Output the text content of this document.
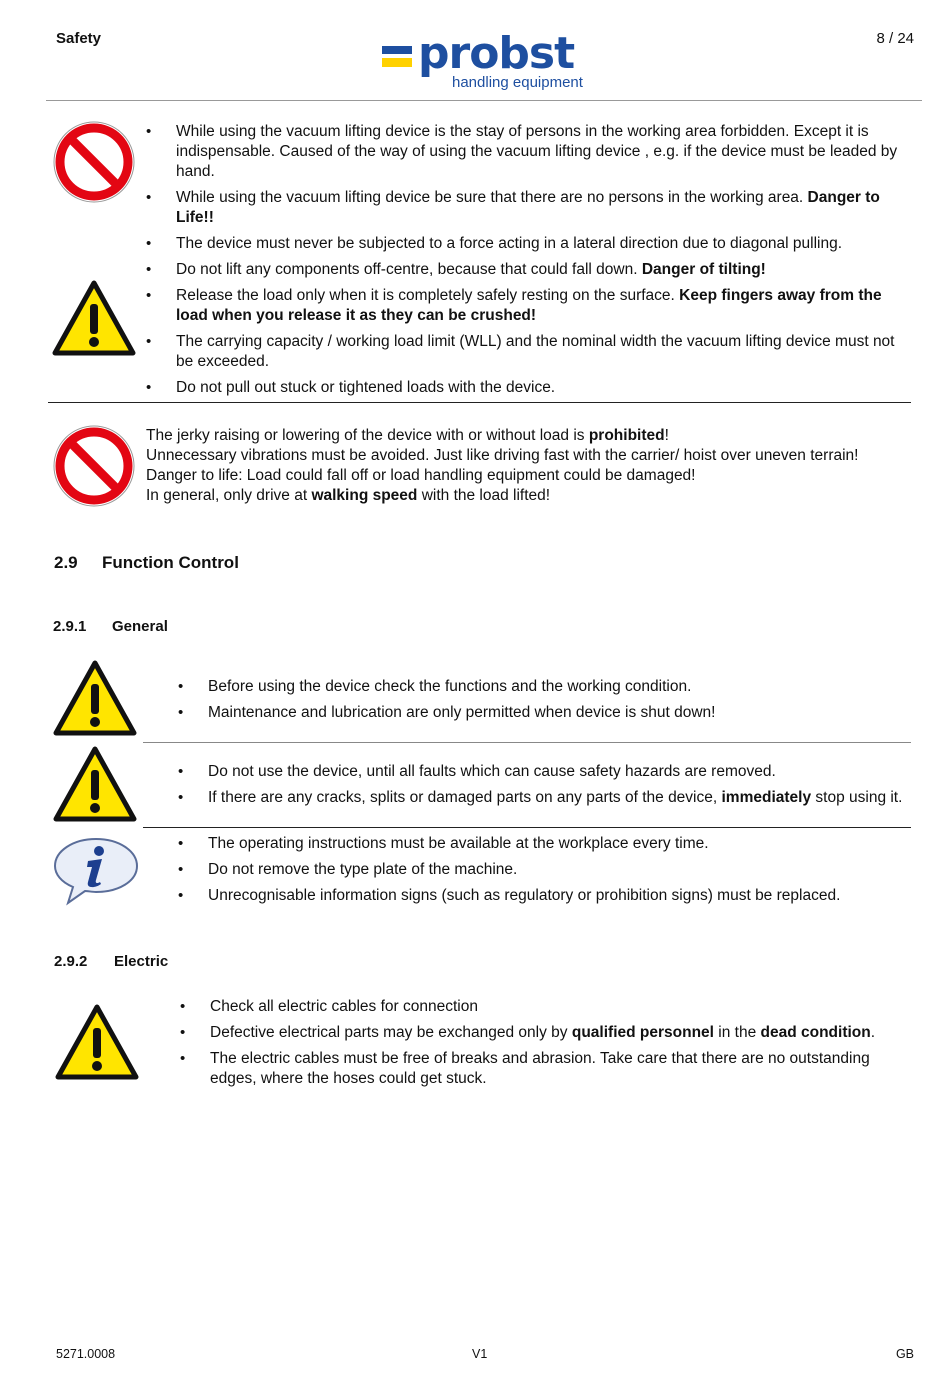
Safety	probst
handling equipment
8 / 24
• While using the vacuum lifting device is the stay of persons in the working area forbidden. Except it is indispensable. Caused of the way of using the vacuum lifting device , e.g. if the device must be leaded by hand.
• While using the vacuum lifting device be sure that there are no persons in the working area. Danger to Life!!
• The device must never be subjected to a force acting in a lateral direction due to diagonal pulling.
• Do not lift any components off-centre, because that could fall down. Danger of tilting!
• Release the load only when it is completely safely resting on the surface. Keep fingers away from the load when you release it as they can be crushed!
• The carrying capacity / working load limit (WLL) and the nominal width the vacuum lifting device must not be exceeded.
• Do not pull out stuck or tightened loads with the device.
The jerky raising or lowering of the device with or without load is prohibited!
Unnecessary vibrations must be avoided. Just like driving fast with the carrier/ hoist over uneven terrain!
Danger to life: Load could fall off or load handling equipment could be damaged!
In general, only drive at walking speed with the load lifted!
2.9 Function Control
2.9.1 General
• Before using the device check the functions and the working condition.
• Maintenance and lubrication are only permitted when device is shut down!
• Do not use the device, until all faults which can cause safety hazards are removed.
• If there are any cracks, splits or damaged parts on any parts of the device, immediately stop using it.
• The operating instructions must be available at the workplace every time.
• Do not remove the type plate of the machine.
• Unrecognisable information signs (such as regulatory or prohibition signs) must be replaced.
2.9.2 Electric
• Check all electric cables for connection
• Defective electrical parts may be exchanged only by qualified personnel in the dead condition.
• The electric cables must be free of breaks and abrasion. Take care that there are no outstanding edges, where the hoses could get stuck.
5271.0008	V1	GB
